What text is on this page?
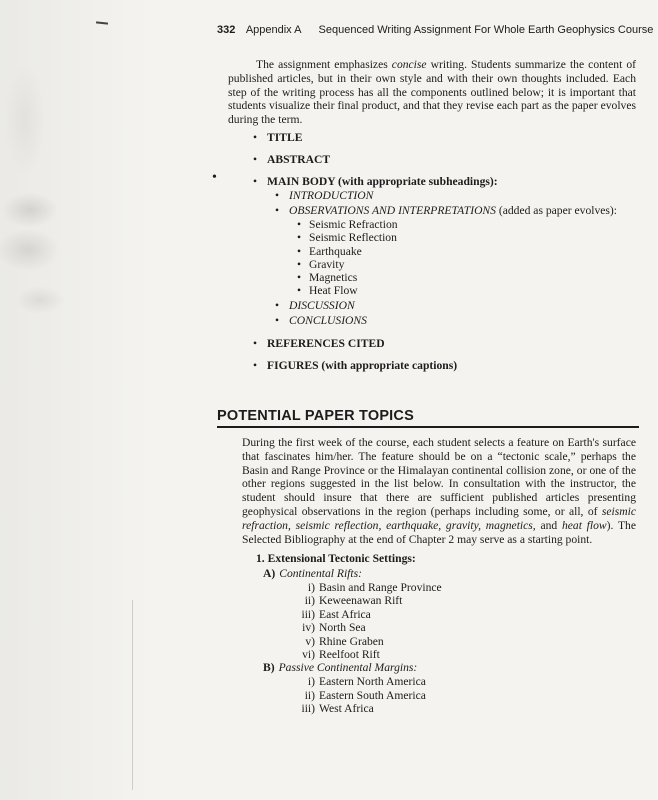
•
332 Appendix A Sequenced Writing Assignment For Whole Earth Geophysics Course

The assignment emphasizes concise writing. Students summarize the content of published articles, but in their own style and with their own thoughts included. Each step of the writing process has all the components outlined below; it is important that students visualize their final product, and that they revise each part as the paper evolves during the term.

• TITLE
• ABSTRACT
• MAIN BODY (with appropriate subheadings):
• INTRODUCTION
• OBSERVATIONS AND INTERPRETATIONS (added as paper evolves):
• Seismic Refraction
• Seismic Reflection
• Earthquake
• Gravity
• Magnetics
• Heat Flow
• DISCUSSION
• CONCLUSIONS
• REFERENCES CITED
• FIGURES (with appropriate captions)
POTENTIAL PAPER TOPICS

During the first week of the course, each student selects a feature on Earth's surface that fascinates him/her. The feature should be on a “tectonic scale,” perhaps the Basin and Range Province or the Himalayan continental collision zone, or one of the other regions suggested in the list below. In consultation with the instructor, the student should insure that there are sufficient published articles presenting geophysical observations in the region (perhaps including some, or all, of seismic refraction, seismic reflection, earthquake, gravity, magnetics, and heat flow). The Selected Bibliography at the end of Chapter 2 may serve as a starting point.

1. Extensional Tectonic Settings:
A) Continental Rifts:
i) Basin and Range Province
ii) Keweenawan Rift
iii) East Africa
iv) North Sea
v) Rhine Graben
vi) Reelfoot Rift
B) Passive Continental Margins:
i) Eastern North America
ii) Eastern South America
iii) West Africa
